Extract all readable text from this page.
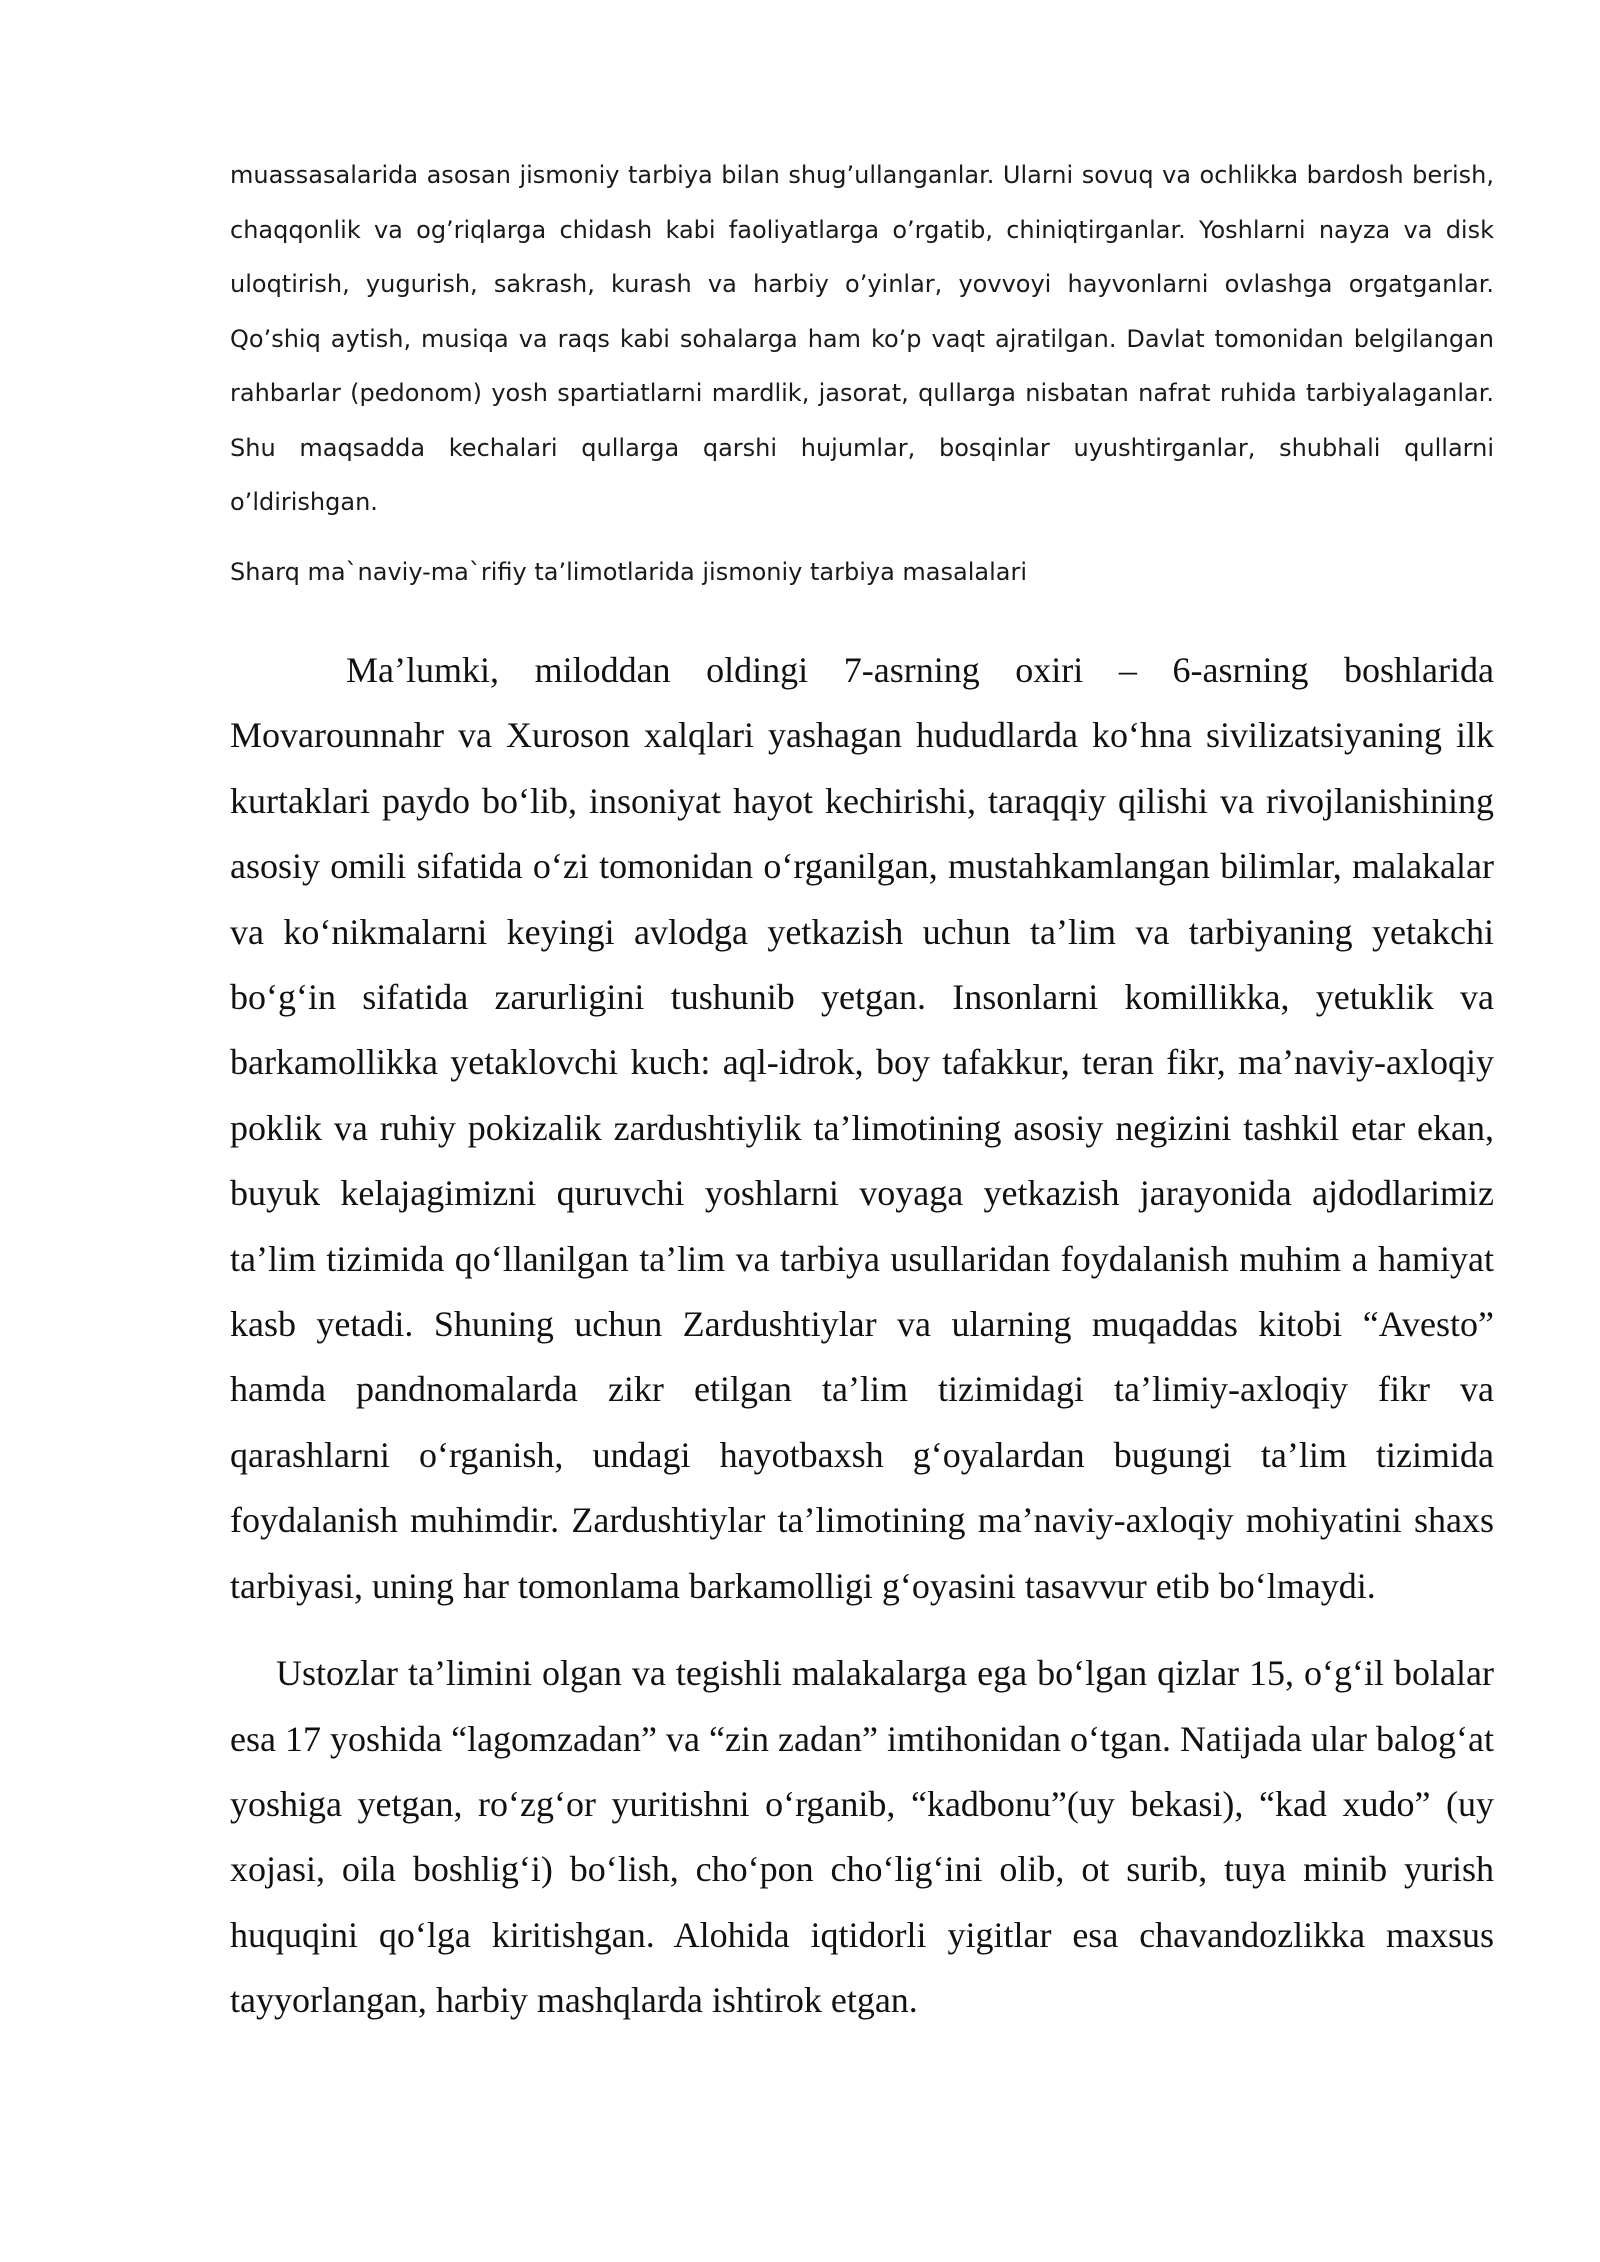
muassasalarida asosan jismoniy tarbiya bilan shug’ullanganlar. Ularni sovuq va ochlikka bardosh berish, chaqqonlik va og’riqlarga chidash kabi faoliyatlarga o’rgatib, chiniqtirganlar. Yoshlarni nayza va disk uloqtirish, yugurish, sakrash, kurash va harbiy o’yinlar, yovvoyi hayvonlarni ovlashga orgatganlar. Qo’shiq aytish, musiqa va raqs kabi sohalarga ham ko’p vaqt ajratilgan. Davlat tomonidan belgilangan rahbarlar (pedonom) yosh spartiatlarni mardlik, jasorat, qullarga nisbatan nafrat ruhida tarbiyalaganlar. Shu maqsadda kechalari qullarga qarshi hujumlar, bosqinlar uyushtirganlar, shubhali qullarni o’ldirishgan.

Sharq ma`naviy-ma`rifiy ta’limotlarida jismoniy tarbiya masalalari

Ma’lumki, miloddan oldingi 7-asrning oxiri – 6-asrning boshlarida Movarounnahr va Xuroson xalqlari yashagan hududlarda ko‘hna sivilizatsiyaning ilk kurtaklari paydo bo‘lib, insoniyat hayot kechirishi, taraqqiy qilishi va rivojlanishining asosiy omili sifatida o‘zi tomonidan o‘rganilgan, mustahkamlangan bilimlar, malakalar va ko‘nikmalarni keyingi avlodga yetkazish uchun ta’lim va tarbiyaning yetakchi bo‘g‘in sifatida zarurligini tushunib yetgan. Insonlarni komillikka, yetuklik va barkamollikka yetaklovchi kuch: aql-idrok, boy tafakkur, teran fikr, ma’naviy-axloqiy poklik va ruhiy pokizalik zardushtiylik ta’limotining asosiy negizini tashkil etar ekan, buyuk kelajagimizni quruvchi yoshlarni voyaga yetkazish jarayonida ajdodlarimiz ta’lim tizimida qo‘llanilgan ta’lim va tarbiya usullaridan foydalanish muhim a hamiyat kasb yetadi. Shuning uchun Zardushtiylar va ularning muqaddas kitobi “Avesto” hamda pandnomalarda zikr etilgan ta’lim tizimidagi ta’limiy-axloqiy fikr va qarashlarni o‘rganish, undagi hayotbaxsh g‘oyalardan bugungi ta’lim tizimida foydalanish muhimdir. Zardushtiylar ta’limotining ma’naviy-axloqiy mohiyatini shaxs tarbiyasi, uning har tomonlama barkamolligi g‘oyasini tasavvur etib bo‘lmaydi.

Ustozlar ta’limini olgan va tegishli malakalarga ega bo‘lgan qizlar 15, o‘g‘il bolalar esa 17 yoshida “lagomzadan” va “zin zadan” imtihonidan o‘tgan. Natijada ular balog‘at yoshiga yetgan, ro‘zg‘or yuritishni o‘rganib, “kadbonu”(uy bekasi), “kad xudo” (uy xojasi, oila boshlig‘i) bo‘lish, cho‘pon cho‘lig‘ini olib, ot surib, tuya minib yurish huquqini qo‘lga kiritishgan. Alohida iqtidorli yigitlar esa chavandozlikka maxsus tayyorlangan, harbiy mashqlarda ishtirok etgan.
